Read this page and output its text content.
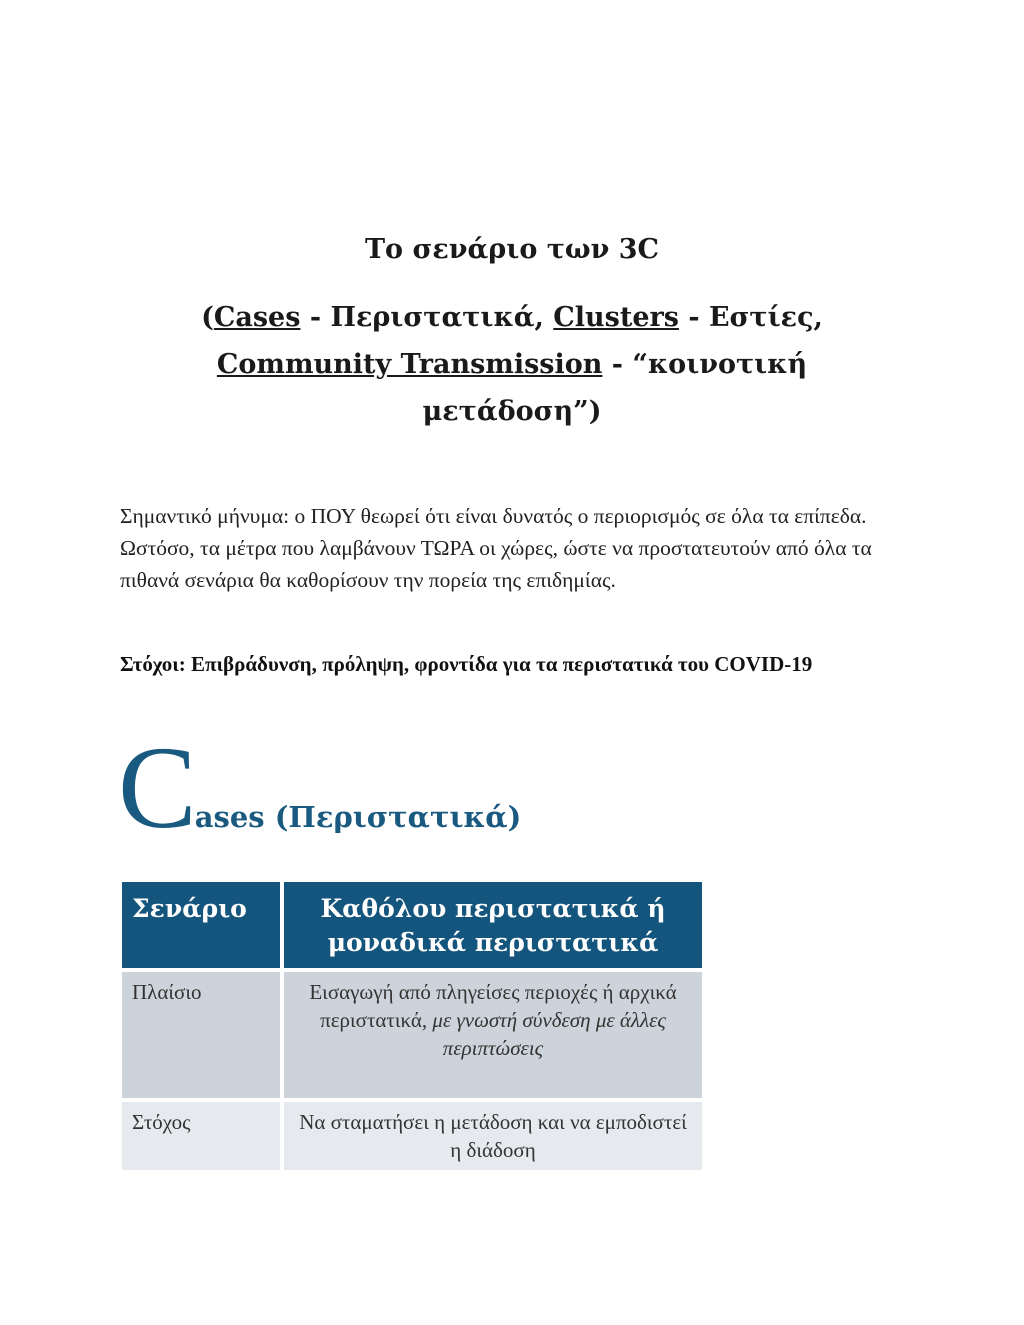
Το σενάριο των 3C
(Cases - Περιστατικά, Clusters - Εστίες,
Community Transmission - “κοινοτική μετάδοση”)

Σημαντικό μήνυμα: ο ΠΟΥ θεωρεί ότι είναι δυνατός ο περιορισμός σε όλα τα επίπεδα. Ωστόσο, τα μέτρα που λαμβάνουν ΤΩΡΑ οι χώρες, ώστε να προστατευτούν από όλα τα πιθανά σενάρια θα καθορίσουν την πορεία της επιδημίας.

Στόχοι: Επιβράδυνση, πρόληψη, φροντίδα για τα περιστατικά του COVID-19

Cases (Περιστατικά)
Σενάριο	Καθόλου περιστατικά ή μοναδικά περιστατικά
Πλαίσιο	Εισαγωγή από πληγείσες περιοχές ή αρχικά περιστατικά, με γνωστή σύνδεση με άλλες περιπτώσεις
Στόχος	Να σταματήσει η μετάδοση και να εμποδιστεί η διάδοση
